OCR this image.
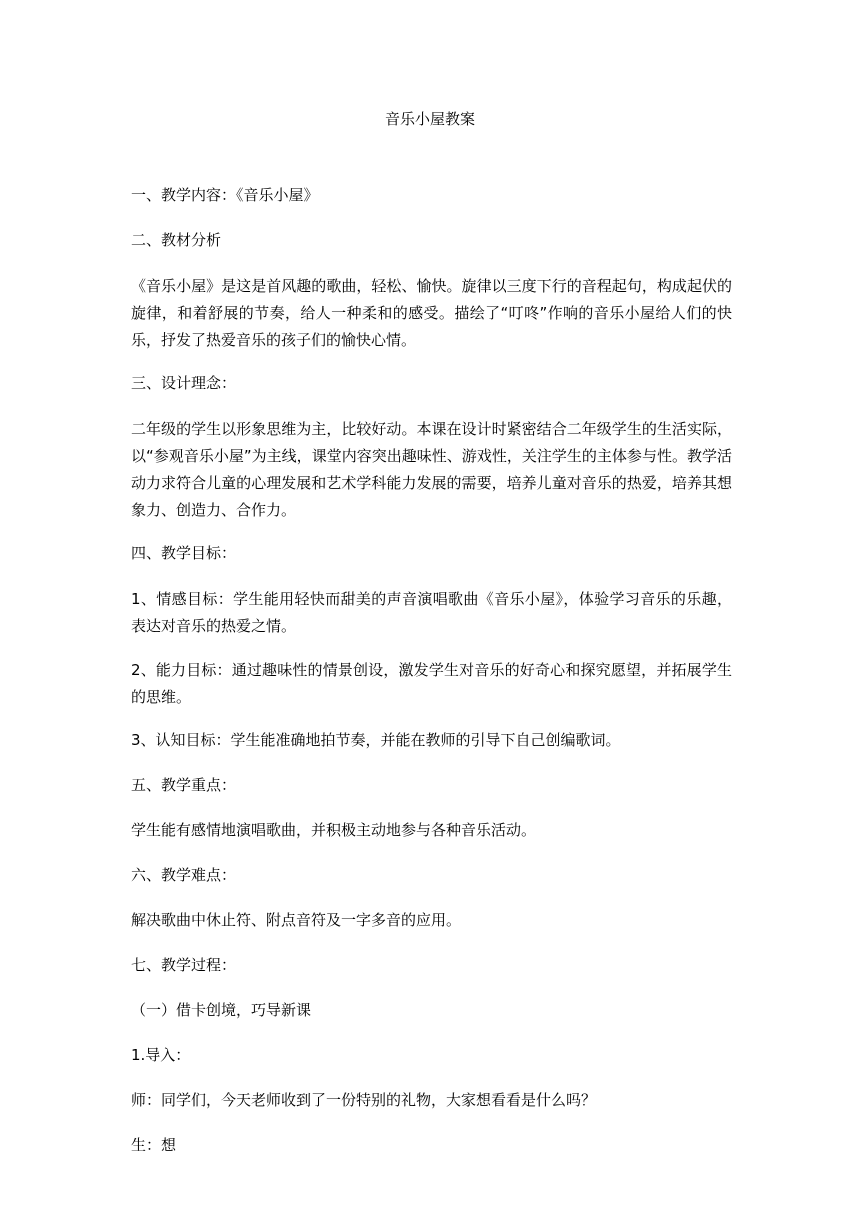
音乐小屋教案

一、教学内容：《音乐小屋》

二、教材分析

《音乐小屋》是这是首风趣的歌曲，轻松、愉快。旋律以三度下行的音程起句，构成起伏的旋律，和着舒展的节奏，给人一种柔和的感受。描绘了“叮咚”作响的音乐小屋给人们的快乐，抒发了热爱音乐的孩子们的愉快心情。

三、设计理念：

二年级的学生以形象思维为主，比较好动。本课在设计时紧密结合二年级学生的生活实际，以“参观音乐小屋”为主线，课堂内容突出趣味性、游戏性，关注学生的主体参与性。教学活动力求符合儿童的心理发展和艺术学科能力发展的需要，培养儿童对音乐的热爱，培养其想象力、创造力、合作力。

四、教学目标：

1、情感目标：学生能用轻快而甜美的声音演唱歌曲《音乐小屋》，体验学习音乐的乐趣，表达对音乐的热爱之情。

2、能力目标：通过趣味性的情景创设，激发学生对音乐的好奇心和探究愿望，并拓展学生的思维。

3、认知目标：学生能准确地拍节奏，并能在教师的引导下自己创编歌词。

五、教学重点：

学生能有感情地演唱歌曲，并积极主动地参与各种音乐活动。

六、教学难点：

解决歌曲中休止符、附点音符及一字多音的应用。

七、教学过程：

（一）借卡创境，巧导新课

1.导入：

师：同学们，今天老师收到了一份特别的礼物，大家想看看是什么吗？

生：想
